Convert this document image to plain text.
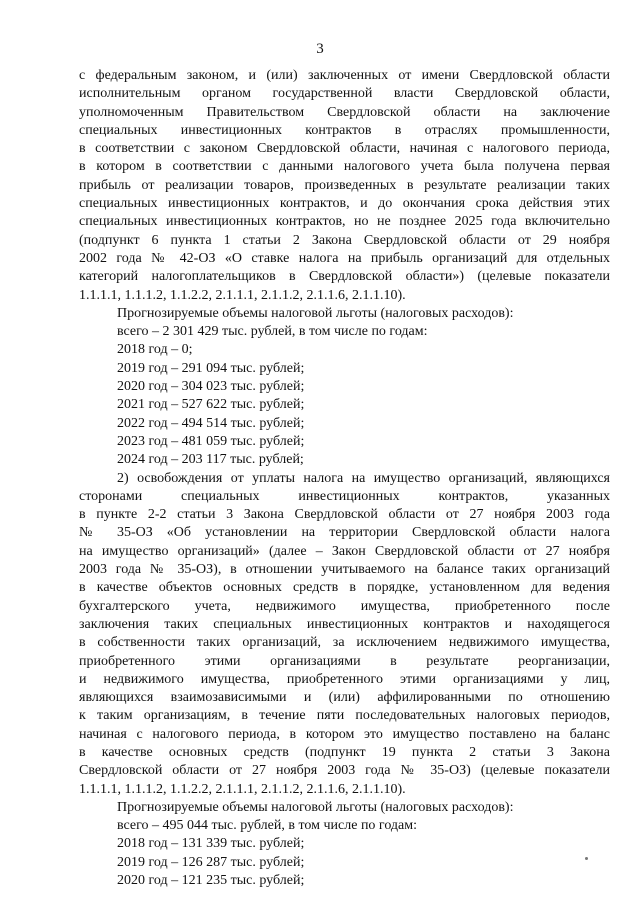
3
с федеральным законом, и (или) заключенных от имени Свердловской области
исполнительным органом государственной власти Свердловской области,
уполномоченным Правительством Свердловской области на заключение
специальных инвестиционных контрактов в отраслях промышленности,
в соответствии с законом Свердловской области, начиная с налогового периода,
в котором в соответствии с данными налогового учета была получена первая
прибыль от реализации товаров, произведенных в результате реализации таких
специальных инвестиционных контрактов, и до окончания срока действия этих
специальных инвестиционных контрактов, но не позднее 2025 года включительно
(подпункт 6 пункта 1 статьи 2 Закона Свердловской области от 29 ноября
2002 года № 42-ОЗ «О ставке налога на прибыль организаций для отдельных
категорий налогоплательщиков в Свердловской области») (целевые показатели
1.1.1.1, 1.1.1.2, 1.1.2.2, 2.1.1.1, 2.1.1.2, 2.1.1.6, 2.1.1.10).
Прогнозируемые объемы налоговой льготы (налоговых расходов):
всего – 2 301 429 тыс. рублей, в том числе по годам:
2018 год – 0;
2019 год – 291 094 тыс. рублей;
2020 год – 304 023 тыс. рублей;
2021 год – 527 622 тыс. рублей;
2022 год – 494 514 тыс. рублей;
2023 год – 481 059 тыс. рублей;
2024 год – 203 117 тыс. рублей;
2) освобождения от уплаты налога на имущество организаций, являющихся
сторонами специальных инвестиционных контрактов, указанных
в пункте 2-2 статьи 3 Закона Свердловской области от 27 ноября 2003 года
№ 35-ОЗ «Об установлении на территории Свердловской области налога
на имущество организаций» (далее – Закон Свердловской области от 27 ноября
2003 года № 35-ОЗ), в отношении учитываемого на балансе таких организаций
в качестве объектов основных средств в порядке, установленном для ведения
бухгалтерского учета, недвижимого имущества, приобретенного после
заключения таких специальных инвестиционных контрактов и находящегося
в собственности таких организаций, за исключением недвижимого имущества,
приобретенного этими организациями в результате реорганизации,
и недвижимого имущества, приобретенного этими организациями у лиц,
являющихся взаимозависимыми и (или) аффилированными по отношению
к таким организациям, в течение пяти последовательных налоговых периодов,
начиная с налогового периода, в котором это имущество поставлено на баланс
в качестве основных средств (подпункт 19 пункта 2 статьи 3 Закона
Свердловской области от 27 ноября 2003 года № 35-ОЗ) (целевые показатели
1.1.1.1, 1.1.1.2, 1.1.2.2, 2.1.1.1, 2.1.1.2, 2.1.1.6, 2.1.1.10).
Прогнозируемые объемы налоговой льготы (налоговых расходов):
всего – 495 044 тыс. рублей, в том числе по годам:
2018 год – 131 339 тыс. рублей;
2019 год – 126 287 тыс. рублей;
2020 год – 121 235 тыс. рублей;
